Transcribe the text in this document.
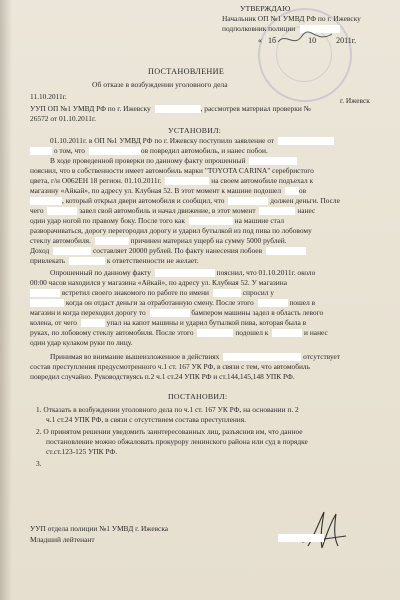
УТВЕРЖДАЮ
Начальник ОП №1 УМВД РФ по г. Ижевску
подполковник полиции
« 1б	10	2011г.
ПОСТАНОВЛЕНИЕ
Об отказе в возбуждении уголовного дела
11.10.2011г.	г. Ижевск
УУП ОП №1 УМВД РФ по г. Ижевску	, рассмотрев материал проверки №
26572 от 01.10.2011г.
УСТАНОВИЛ:
01.10.2011г. в ОП №1 УМВД РФ по г. Ижевску поступило заявление от
о том, что	ов повредил автомобиль, и нанес побои.
В ходе проведенной проверки по данному факту опрошенный
пояснил, что в собственности имеет автомобиль марки "TOYOTA CARINA" серебристого
цвета, г/н О062ЕН 18 регион. 01.10.2011г.	на своем автомобиле подъехал к
магазину «Айкай», по адресу ул. Клубная 52. В этот момент к машине подошел ов
, который открыл двери автомобиля и сообщил, что	должен деньги. После
чего	завел свой автомобиль и начал движение, в этот момент	нанес
один удар ногой по правому боку. После того как	на машине стал
разворачиваться, дорогу перегородил дорогу и ударил бутылкой из под пива по лобовому
стеклу автомобиля.	причинен материал ущерб на сумму 5000 рублей.
Доход	составляет 20000 рублей. По факту нанесения побоев
привлекать	к ответственности не желает.
Опрошенный по данному факту	пояснил, что 01.10.2011г. около
00:00 часов находился у магазина «Айкай», по адресу ул. Клубная 52. У магазина
встретил своего знакомого по работе по имени	спросил у
когда он отдаст деньги за отработанную смену. После этого	пошел в
магазин и когда переходил дорогу то	бампером машины задел в область левого
колена, от чего	упал на капот машины и ударил бутылкой пива, которая была в
руках, по лобовому стеклу автомобиля. После этого	подошел к	и нанес
один удар кулаком руки по лицу.
Принимая во внимание вышеизложенное в действиях	отсутствует
состав преступления предусмотренного ч.1 ст. 167 УК РФ, в связи с тем, что автомобиль
повредил случайно. Руководствуясь п.2 ч.1 ст.24 УПК РФ и ст.144,145,148 УПК РФ.
ПОСТАНОВИЛ:
1. Отказать в возбуждении уголовного дела по ч.1 ст. 167 УК РФ, на основании п. 2
ч.1 ст.24 УПК РФ, в связи с отсутствием состава преступления.
2. О принятом решении уведомить заинтересованных лиц, разъяснив им, что данное
постановление можно обжаловать прокурору ленинского района или суд в порядке
ст.ст.123-125 УПК РФ.
3.
УУП отдела полиции №1 УМВД г. Ижевска
Младший лейтенант
